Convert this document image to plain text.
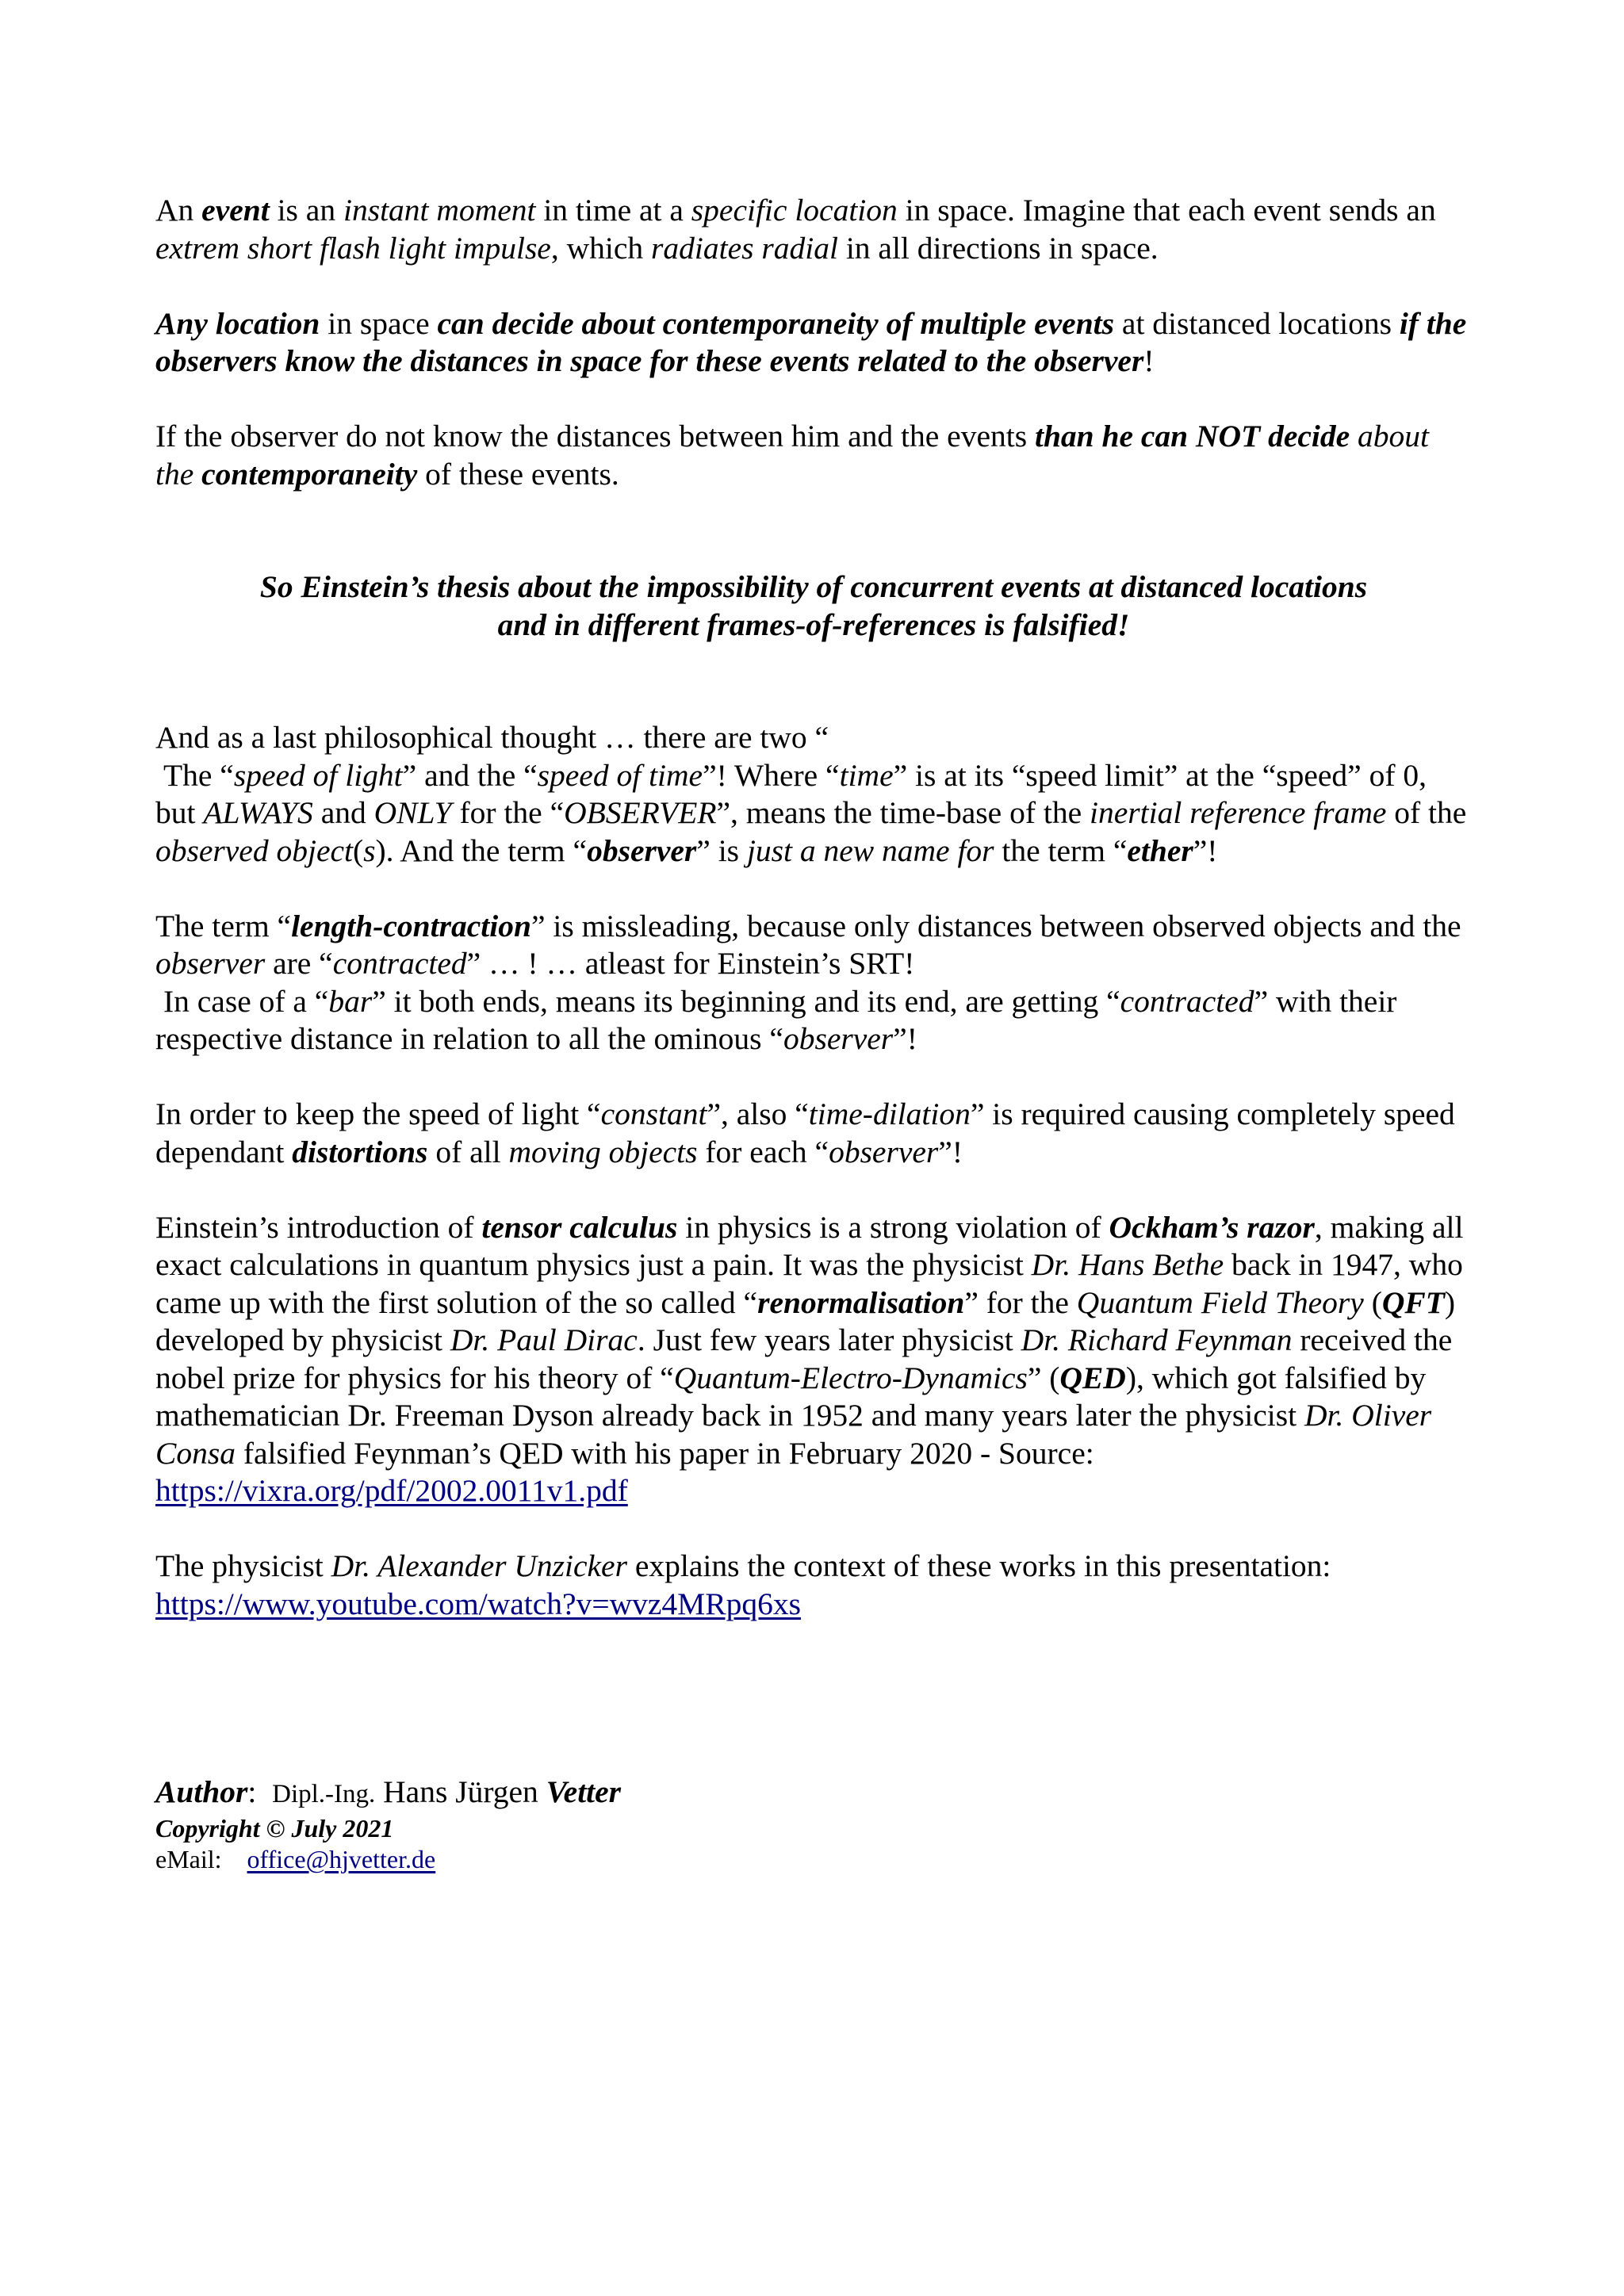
An event is an instant moment in time at a specific location in space. Imagine that each event sends an extrem short flash light impulse, which radiates radial in all directions in space.

Any location in space can decide about contemporaneity of multiple events at distanced locations if the observers know the distances in space for these events related to the observer!

If the observer do not know the distances between him and the events than he can NOT decide about the contemporaneity of these events.

So Einstein’s thesis about the impossibility of concurrent events at distanced locations
and in different frames-of-references is falsified!

And as a last philosophical thought … there are two “
The “speed of light” and the “speed of time”! Where “time” is at its “speed limit” at the “speed” of 0, but ALWAYS and ONLY for the “OBSERVER”, means the time-base of the inertial reference frame of the observed object(s). And the term “observer” is just a new name for the term “ether”!

The term “length-contraction” is missleading, because only distances between observed objects and the observer are “contracted” … ! … atleast for Einstein’s SRT!
In case of a “bar” it both ends, means its beginning and its end, are getting “contracted” with their respective distance in relation to all the ominous “observer”!

In order to keep the speed of light “constant”, also “time-dilation” is required causing completely speed dependant distortions of all moving objects for each “observer”!

Einstein’s introduction of tensor calculus in physics is a strong violation of Ockham’s razor, making all exact calculations in quantum physics just a pain. It was the physicist Dr. Hans Bethe back in 1947, who came up with the first solution of the so called “renormalisation” for the Quantum Field Theory (QFT) developed by physicist Dr. Paul Dirac. Just few years later physicist Dr. Richard Feynman received the nobel prize for physics for his theory of “Quantum-Electro-Dynamics” (QED), which got falsified by mathematician Dr. Freeman Dyson already back in 1952 and many years later the physicist Dr. Oliver Consa falsified Feynman’s QED with his paper in February 2020 - Source:
https://vixra.org/pdf/2002.0011v1.pdf

The physicist Dr. Alexander Unzicker explains the context of these works in this presentation:
https://www.youtube.com/watch?v=wvz4MRpq6xs

Author: Dipl.-Ing. Hans Jürgen Vetter

Copyright © July 2021

eMail: office@hjvetter.de
